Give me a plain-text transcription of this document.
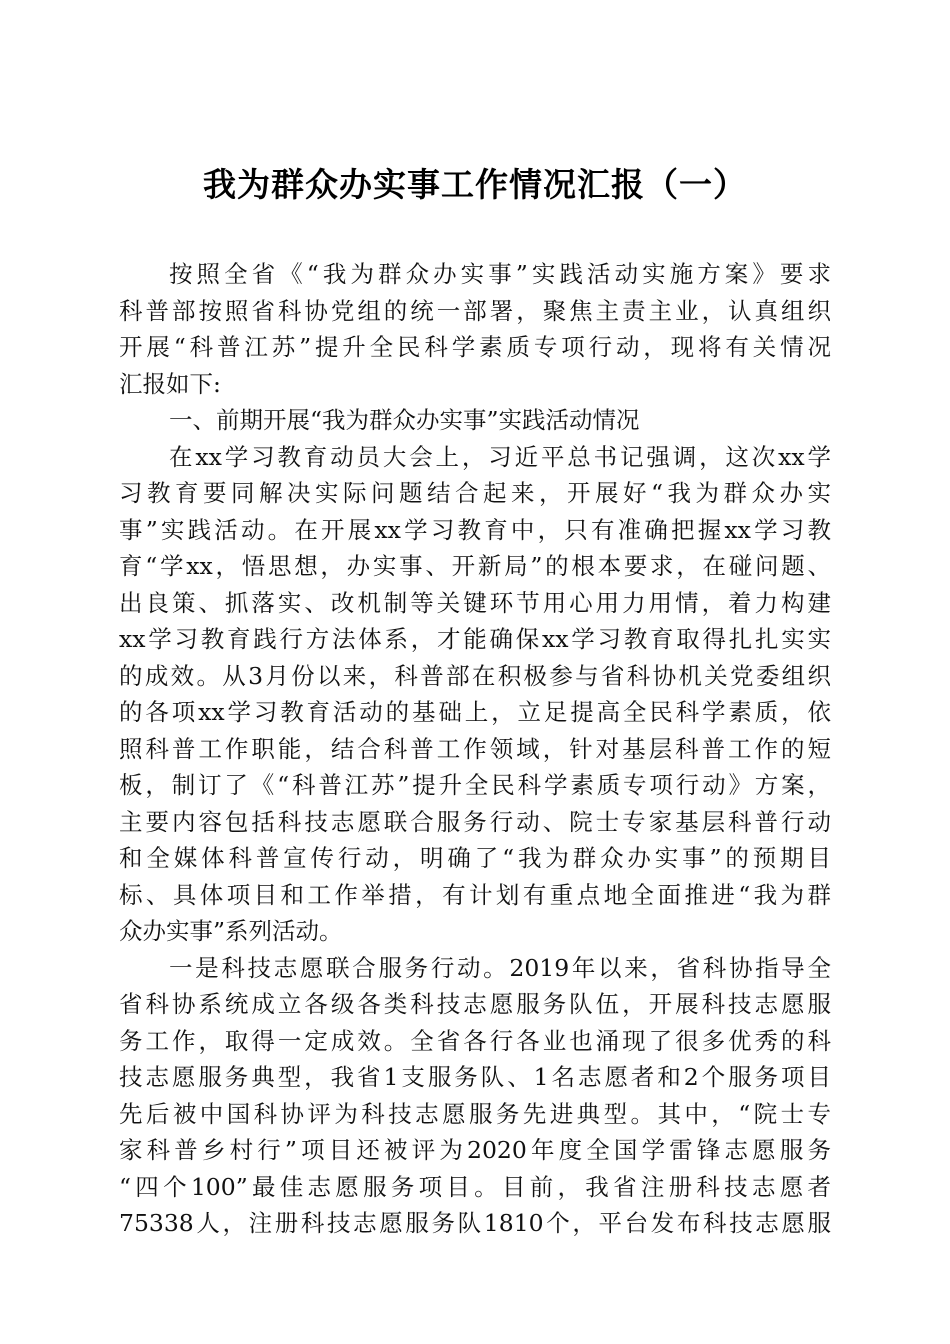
我为群众办实事工作情况汇报（一）
按照全省《“我为群众办实事”实践活动实施方案》要求
科普部按照省科协党组的统一部署，聚焦主责主业，认真组织
开展“科普江苏”提升全民科学素质专项行动，现将有关情况
汇报如下:
一、前期开展“我为群众办实事”实践活动情况
在xx学习教育动员大会上，习近平总书记强调，这次xx学
习教育要同解决实际问题结合起来，开展好“我为群众办实
事”实践活动。在开展xx学习教育中，只有准确把握xx学习教
育“学xx，悟思想，办实事、开新局”的根本要求，在碰问题、
出良策、抓落实、改机制等关键环节用心用力用情，着力构建
xx学习教育践行方法体系，才能确保xx学习教育取得扎扎实实
的成效。从3月份以来，科普部在积极参与省科协机关党委组织
的各项xx学习教育活动的基础上，立足提高全民科学素质，依
照科普工作职能，结合科普工作领域，针对基层科普工作的短
板，制订了《“科普江苏”提升全民科学素质专项行动》方案，
主要内容包括科技志愿联合服务行动、院士专家基层科普行动
和全媒体科普宣传行动，明确了“我为群众办实事”的预期目
标、具体项目和工作举措，有计划有重点地全面推进“我为群
众办实事”系列活动。
一是科技志愿联合服务行动。2019年以来，省科协指导全
省科协系统成立各级各类科技志愿服务队伍，开展科技志愿服
务工作，取得一定成效。全省各行各业也涌现了很多优秀的科
技志愿服务典型，我省1支服务队、1名志愿者和2个服务项目
先后被中国科协评为科技志愿服务先进典型。其中，“院士专
家科普乡村行”项目还被评为2020年度全国学雷锋志愿服务
“四个100”最佳志愿服务项目。目前，我省注册科技志愿者
75338人，注册科技志愿服务队1810个，平台发布科技志愿服
